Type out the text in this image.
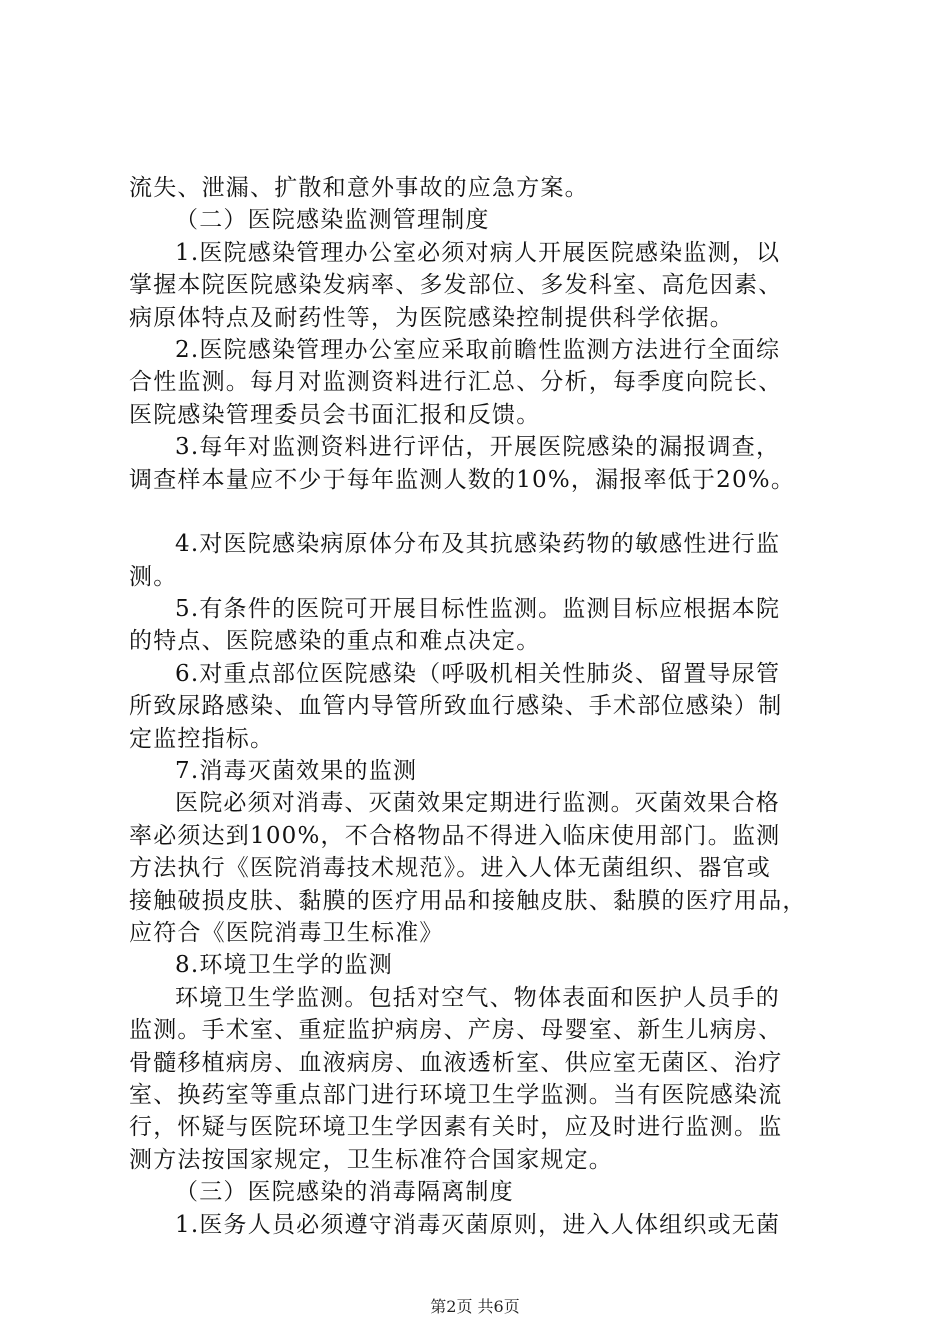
流失、泄漏、扩散和意外事故的应急方案。
（二）医院感染监测管理制度
1.医院感染管理办公室必须对病人开展医院感染监测，以
掌握本院医院感染发病率、多发部位、多发科室、高危因素、
病原体特点及耐药性等，为医院感染控制提供科学依据。
2.医院感染管理办公室应采取前瞻性监测方法进行全面综
合性监测。每月对监测资料进行汇总、分析，每季度向院长、
医院感染管理委员会书面汇报和反馈。
3.每年对监测资料进行评估，开展医院感染的漏报调查，
调查样本量应不少于每年监测人数的10%，漏报率低于20%。
4.对医院感染病原体分布及其抗感染药物的敏感性进行监
测。
5.有条件的医院可开展目标性监测。监测目标应根据本院
的特点、医院感染的重点和难点决定。
6.对重点部位医院感染（呼吸机相关性肺炎、留置导尿管
所致尿路感染、血管内导管所致血行感染、手术部位感染）制
定监控指标。
7.消毒灭菌效果的监测
医院必须对消毒、灭菌效果定期进行监测。灭菌效果合格
率必须达到100%，不合格物品不得进入临床使用部门。监测
方法执行《医院消毒技术规范》。进入人体无菌组织、器官或
接触破损皮肤、黏膜的医疗用品和接触皮肤、黏膜的医疗用品，
应符合《医院消毒卫生标准》
8.环境卫生学的监测
环境卫生学监测。包括对空气、物体表面和医护人员手的
监测。手术室、重症监护病房、产房、母婴室、新生儿病房、
骨髓移植病房、血液病房、血液透析室、供应室无菌区、治疗
室、换药室等重点部门进行环境卫生学监测。当有医院感染流
行，怀疑与医院环境卫生学因素有关时，应及时进行监测。监
测方法按国家规定，卫生标准符合国家规定。
（三）医院感染的消毒隔离制度
1.医务人员必须遵守消毒灭菌原则，进入人体组织或无菌
第2页 共6页
